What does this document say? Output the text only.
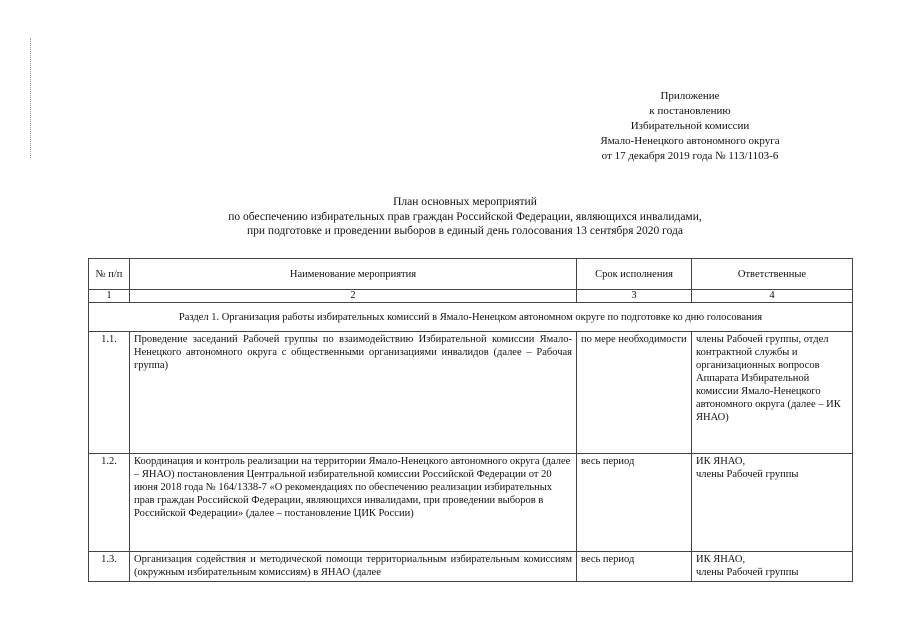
Приложение
к постановлению
Избирательной комиссии
Ямало-Ненецкого автономного округа
от 17 декабря 2019 года № 113/1103-6
План основных мероприятий
по обеспечению избирательных прав граждан Российской Федерации, являющихся инвалидами,
при подготовке и проведении выборов в единый день голосования 13 сентября 2020 года
№ п/п	Наименование мероприятия	Срок исполнения	Ответственные
1	2	3	4
Раздел 1. Организация работы избирательных комиссий в Ямало-Ненецком автономном округе по подготовке ко дню голосования			
1.1.	Проведение заседаний Рабочей группы по взаимодействию Избирательной комиссии Ямало-Ненецкого автономного округа с общественными организациями инвалидов (далее – Рабочая группа)	по мере необходимости	члены Рабочей группы, отдел контрактной службы и организационных вопросов Аппарата Избирательной комиссии Ямало-Ненецкого автономного округа (далее – ИК ЯНАО)
1.2.	Координация и контроль реализации на территории Ямало-Ненецкого автономного округа (далее – ЯНАО) постановления Центральной избирательной комиссии Российской Федерации от 20 июня 2018 года № 164/1338-7 «О рекомендациях по обеспечению реализации избирательных прав граждан Российской Федерации, являющихся инвалидами, при проведении выборов в Российской Федерации» (далее – постановление ЦИК России)	весь период	ИК ЯНАО,
члены Рабочей группы

1.3.	Организация содействия и методической помощи территориальным избирательным комиссиям (окружным избирательным комиссиям) в ЯНАО (далее	весь период	ИК ЯНАО,
члены Рабочей группы
